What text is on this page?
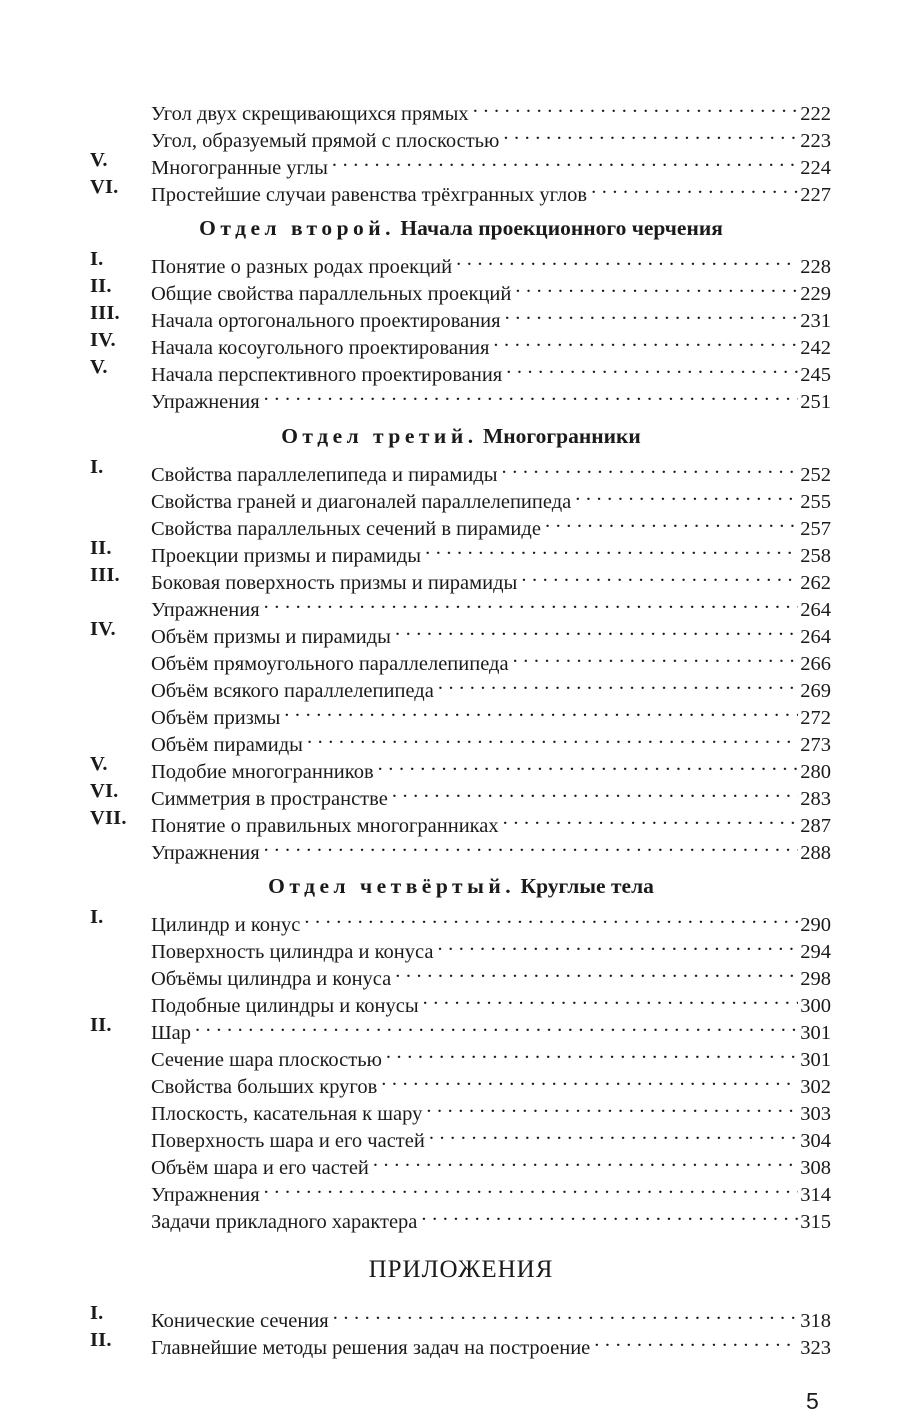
Угол двух скрещивающихся прямых . . .	222
Угол, образуемый прямой с плоскостью . . .	223
V. Многогранные углы . . .	224
VI. Простейшие случаи равенства трёхгранных углов . . .	227
Отдел второй. Начала проекционного черчения
I. Понятие о разных родах проекций . . .	228
II. Общие свойства параллельных проекций . . .	229
III. Начала ортогонального проектирования . . .	231
IV. Начала косоугольного проектирования . . .	242
V. Начала перспективного проектирования . . .	245
Упражнения . . .	251
Отдел третий. Многогранники
I. Свойства параллелепипеда и пирамиды . . .	252
Свойства граней и диагоналей параллелепипеда . . .	255
Свойства параллельных сечений в пирамиде . . .	257
II. Проекции призмы и пирамиды . . .	258
III. Боковая поверхность призмы и пирамиды . . .	262
Упражнения . . .	264
IV. Объём призмы и пирамиды . . .	264
Объём прямоугольного параллелепипеда . . .	266
Объём всякого параллелепипеда . . .	269
Объём призмы . . .	272
Объём пирамиды . . .	273
V. Подобие многогранников . . .	280
VI. Симметрия в пространстве . . .	283
VII. Понятие о правильных многогранниках . . .	287
Упражнения . . .	288
Отдел четвёртый. Круглые тела
I. Цилиндр и конус . . .	290
Поверхность цилиндра и конуса . . .	294
Объёмы цилиндра и конуса . . .	298
Подобные цилиндры и конусы . . .	300
II. Шар . . .	301
Сечение шара плоскостью . . .	301
Свойства больших кругов . . .	302
Плоскость, касательная к шару . . .	303
Поверхность шара и его частей . . .	304
Объём шара и его частей . . .	308
Упражнения . . .	314
Задачи прикладного характера . . .	315
ПРИЛОЖЕНИЯ
I. Конические сечения . . .	318
II. Главнейшие методы решения задач на построение . . .	323
5
